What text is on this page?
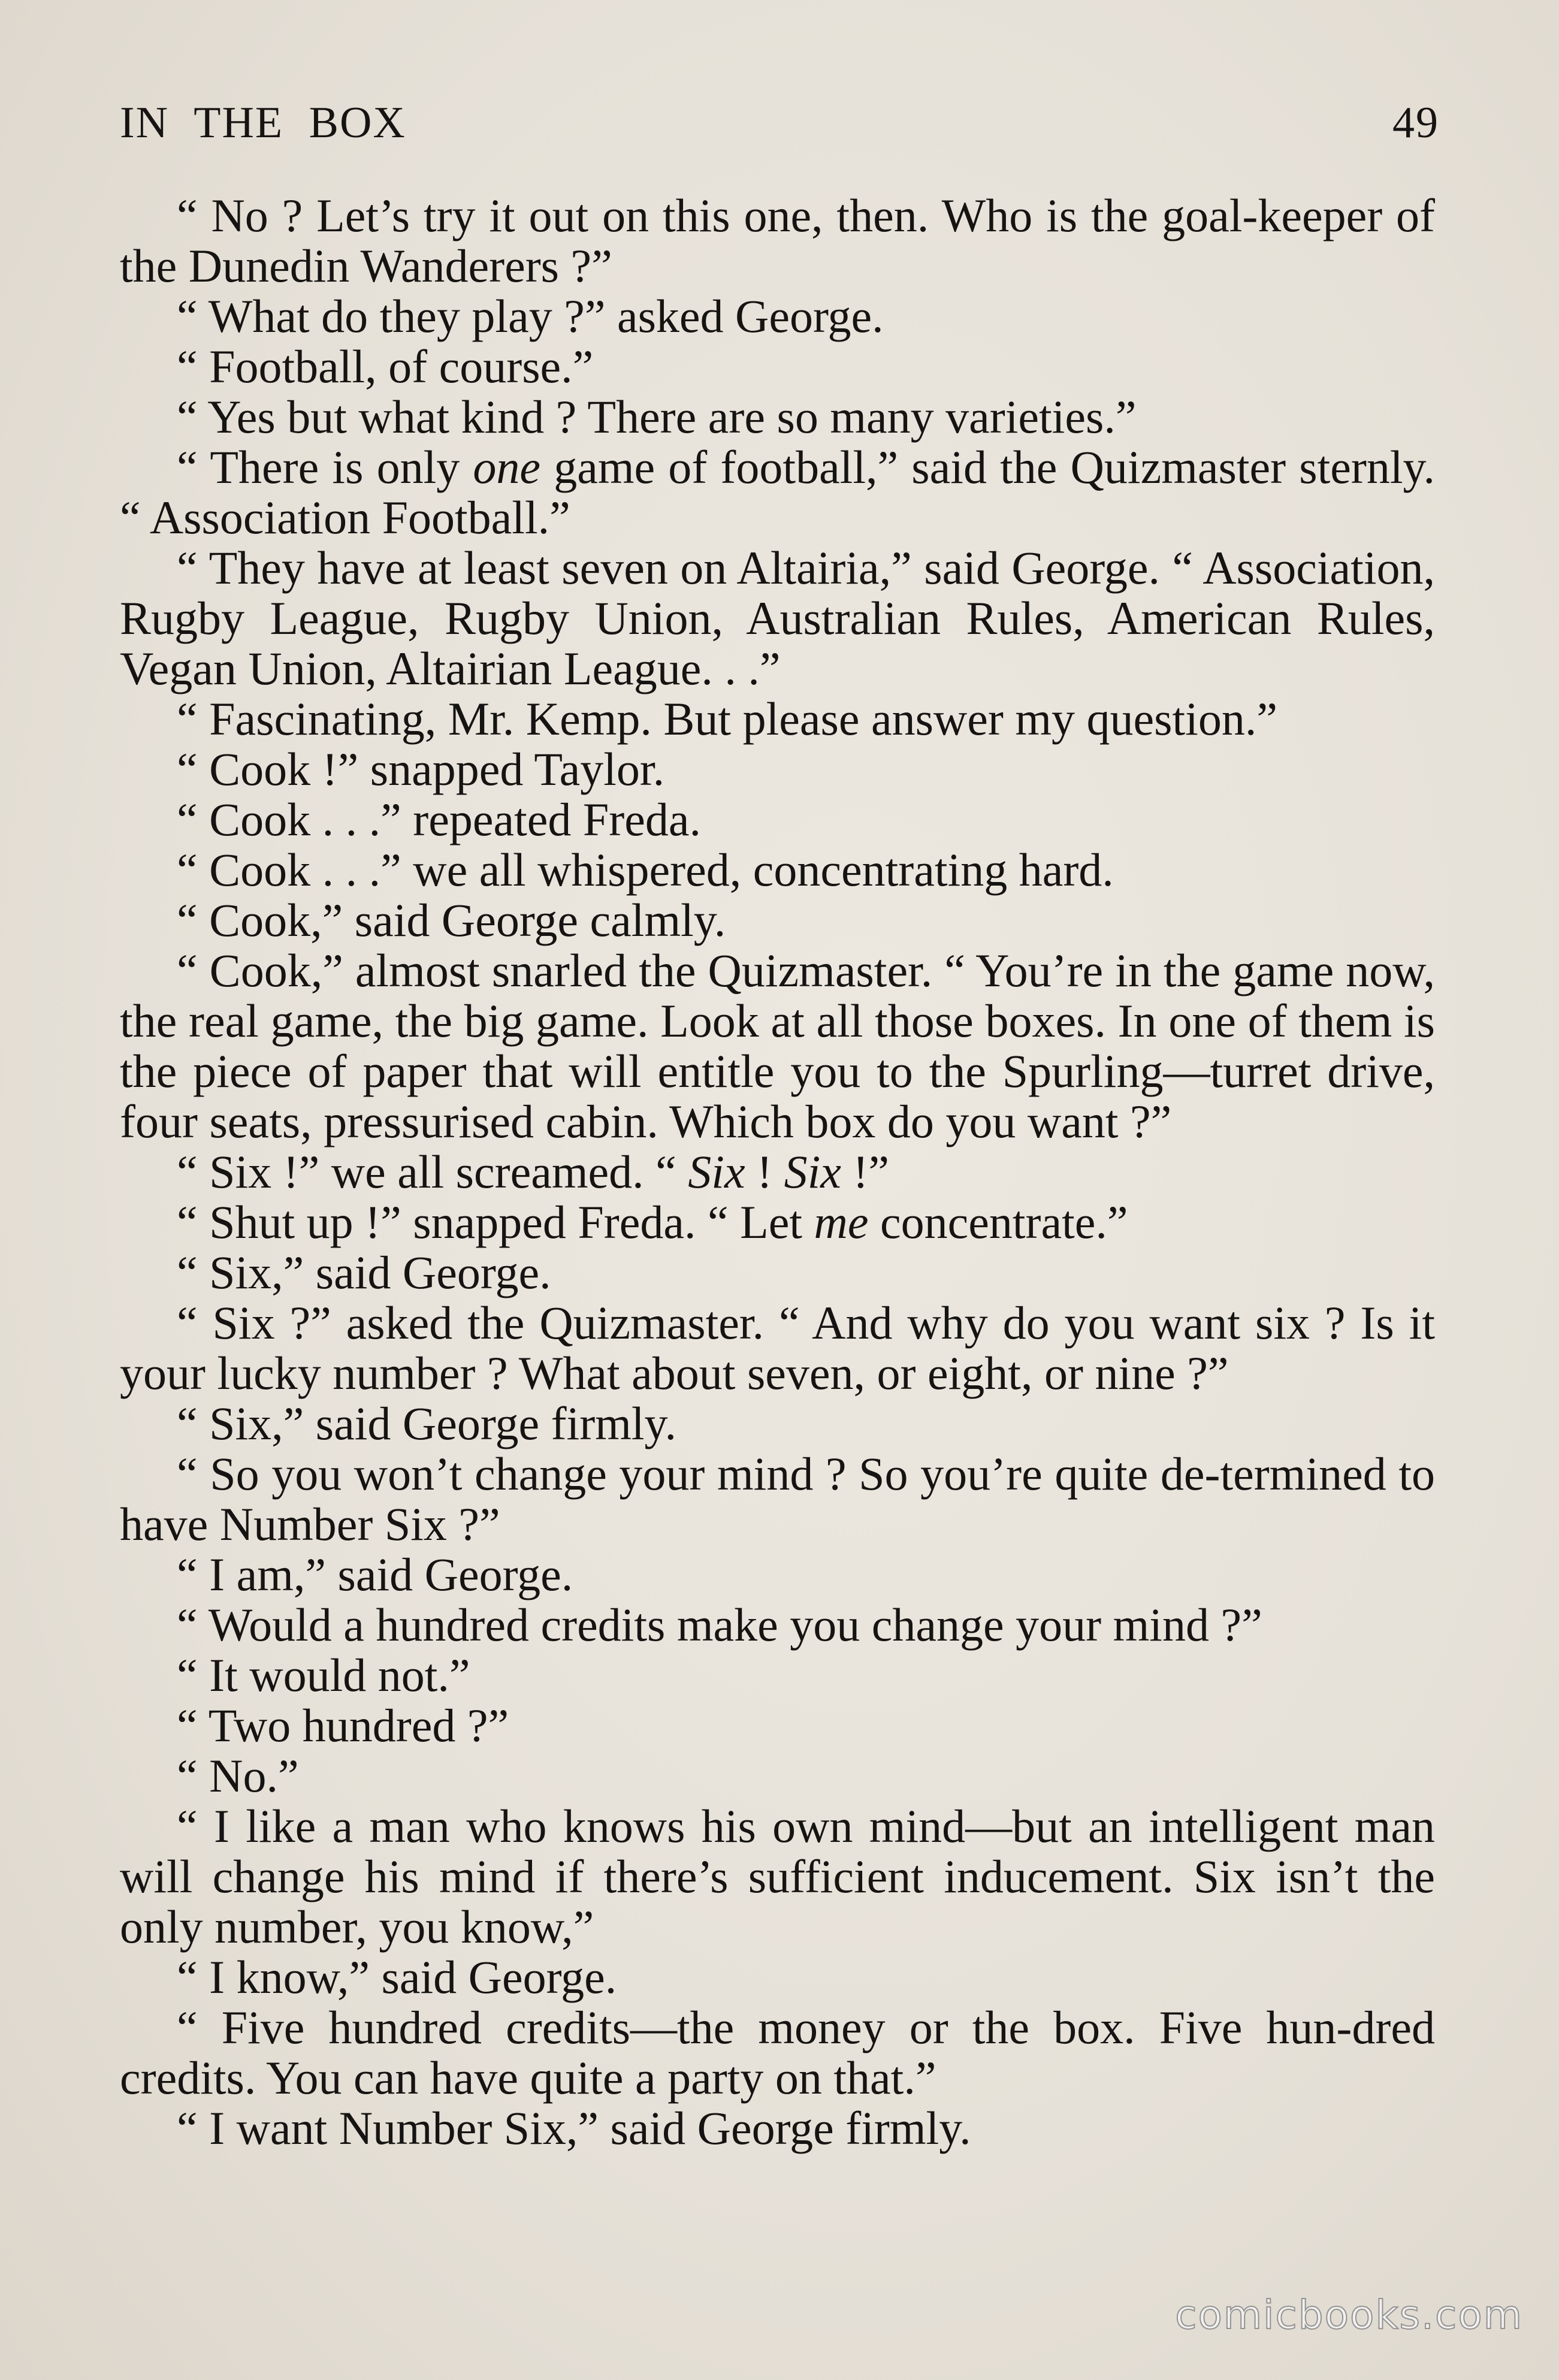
IN THE BOX	49

“ No ? Let’s try it out on this one, then. Who is the goal-keeper of the Dunedin Wanderers ?”

“ What do they play ?” asked George.

“ Football, of course.”

“ Yes but what kind ? There are so many varieties.”

“ There is only one game of football,” said the Quizmaster sternly. “ Association Football.”

“ They have at least seven on Altairia,” said George. “ Association, Rugby League, Rugby Union, Australian Rules, American Rules, Vegan Union, Altairian League. . .”

“ Fascinating, Mr. Kemp. But please answer my question.”

“ Cook !” snapped Taylor.

“ Cook . . .” repeated Freda.

“ Cook . . .” we all whispered, concentrating hard.

“ Cook,” said George calmly.

“ Cook,” almost snarled the Quizmaster. “ You’re in the game now, the real game, the big game. Look at all those boxes. In one of them is the piece of paper that will entitle you to the Spurling—turret drive, four seats, pressurised cabin. Which box do you want ?”

“ Six !” we all screamed. “ Six ! Six !”

“ Shut up !” snapped Freda. “ Let me concentrate.”

“ Six,” said George.

“ Six ?” asked the Quizmaster. “ And why do you want six ? Is it your lucky number ? What about seven, or eight, or nine ?”

“ Six,” said George firmly.

“ So you won’t change your mind ? So you’re quite de-termined to have Number Six ?”

“ I am,” said George.

“ Would a hundred credits make you change your mind ?”

“ It would not.”

“ Two hundred ?”

“ No.”

“ I like a man who knows his own mind—but an intelligent man will change his mind if there’s sufficient inducement. Six isn’t the only number, you know,”

“ I know,” said George.

“ Five hundred credits—the money or the box. Five hun-dred credits. You can have quite a party on that.”

“ I want Number Six,” said George firmly.

comicbooks.com
